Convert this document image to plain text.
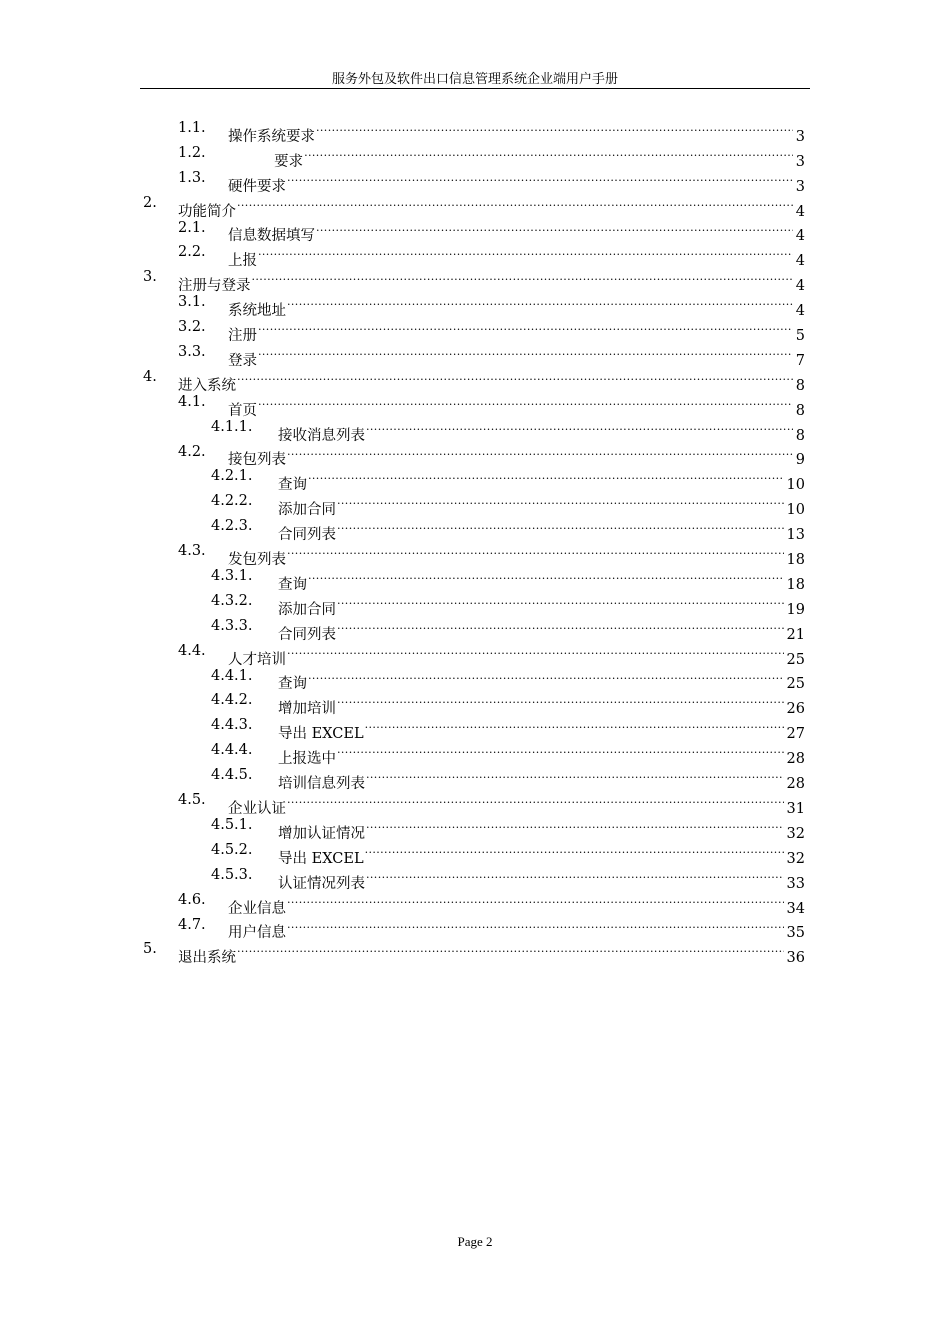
服务外包及软件出口信息管理系统企业端用户手册
1.1.
操作系统要求 .....	3
1.2.
要求 .....	3
1.3.
硬件要求 .....	3
2.
功能简介 .....	4
2.1.
信息数据填写 .....	4
2.2.
上报 .....	4
3.
注册与登录 .....	4
3.1.
系统地址 .....	4
3.2.
注册 .....	5
3.3.
登录 .....	7
4.
进入系统 .....	8
4.1.
首页 .....	8
4.1.1.
接收消息列表 .....	8
4.2.
接包列表 .....	9
4.2.1.
查询 .....	10
4.2.2.
添加合同 .....	10
4.2.3.
合同列表 .....	13
4.3.
发包列表 .....	18
4.3.1.
查询 .....	18
4.3.2.
添加合同 .....	19
4.3.3.
合同列表 .....	21
4.4.
人才培训 .....	25
4.4.1.
查询 .....	25
4.4.2.
增加培训 .....	26
4.4.3.
导出 EXCEL .....	27
4.4.4.
上报选中 .....	28
4.4.5.
培训信息列表 .....	28
4.5.
企业认证 .....	31
4.5.1.
增加认证情况 .....	32
4.5.2.
导出 EXCEL .....	32
4.5.3.
认证情况列表 .....	33
4.6.
企业信息 .....	34
4.7.
用户信息 .....	35
5.
退出系统 .....	36
Page 2
